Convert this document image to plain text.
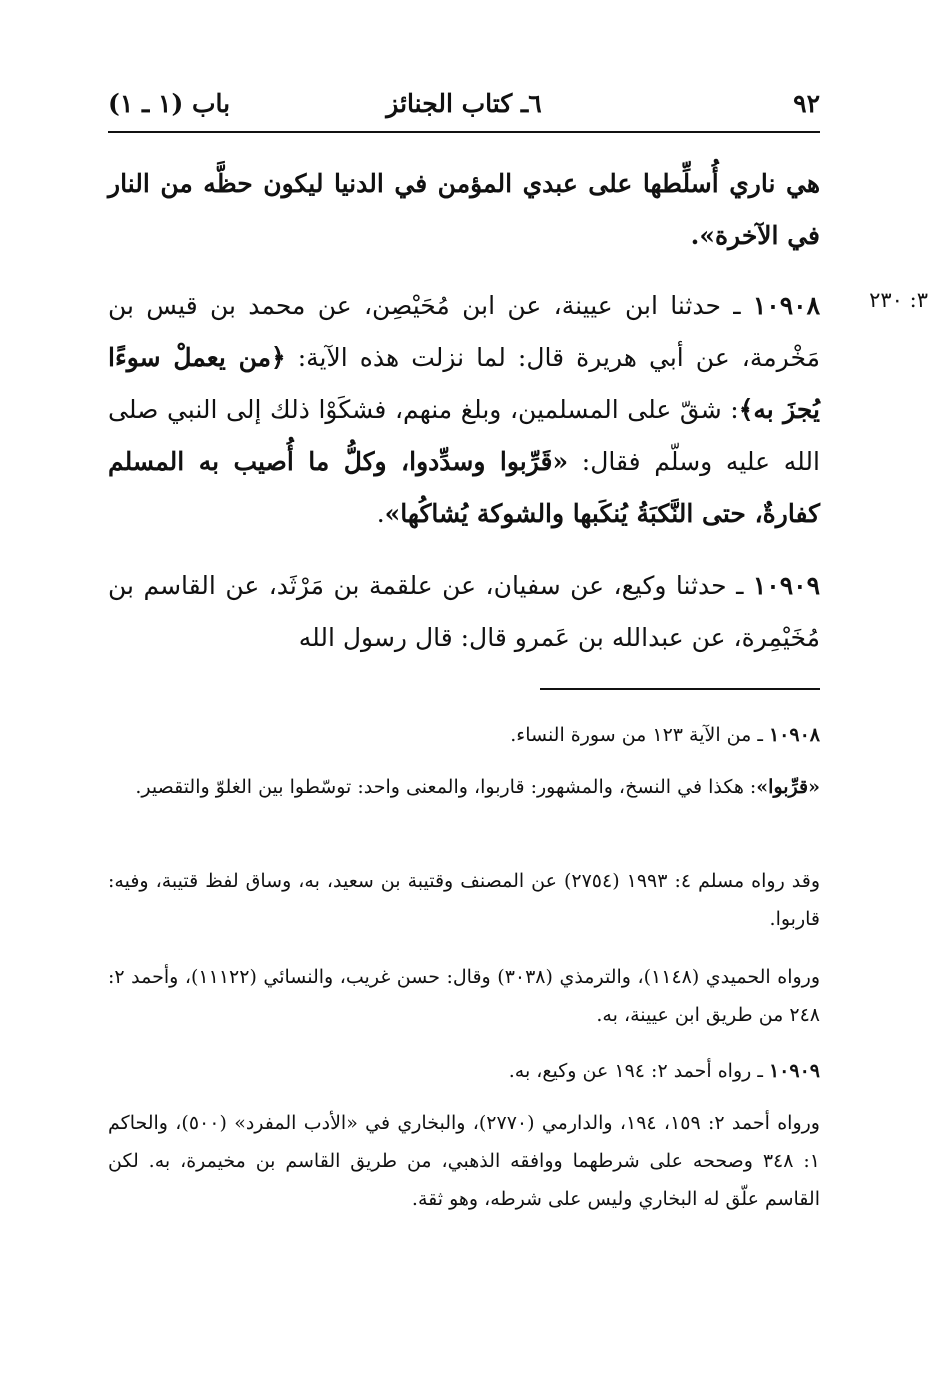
باب (١ ـ ١)	٦ـ كتاب الجنائز	٩٢
هي ناري أُسلِّطها على عبدي المؤمن في الدنيا ليكون حظَّه من النار في الآخرة».
٣: ٢٣٠
١٠٩٠٨ ـ حدثنا ابن عيينة، عن ابن مُحَيْصِن، عن محمد بن قيس بن مَخْرمة، عن أبي هريرة قال: لما نزلت هذه الآية: ﴿من يعملْ سوءًا يُجزَ به﴾: شقّ على المسلمين، وبلغ منهم، فشكَوْا ذلك إلى النبي صلى الله عليه وسلّم فقال: «قَرِّبوا وسدِّدوا، وكلُّ ما أُصيب به المسلم كفارةٌ، حتى النَّكبَةُ يُنكَبها والشوكة يُشاكُها».
١٠٩٠٩ ـ حدثنا وكيع، عن سفيان، عن علقمة بن مَرْثَد، عن القاسم بن مُخَيْمِرة، عن عبدالله بن عَمرو قال: قال رسول الله
١٠٩٠٨ ـ من الآية ١٢٣ من سورة النساء.
«قرِّبوا»: هكذا في النسخ، والمشهور: قاربوا، والمعنى واحد: توسّطوا بين الغلوّ والتقصير.
وقد رواه مسلم ٤: ١٩٩٣ (٢٧٥٤) عن المصنف وقتيبة بن سعيد، به، وساق لفظ قتيبة، وفيه: قاربوا.
ورواه الحميدي (١١٤٨)، والترمذي (٣٠٣٨) وقال: حسن غريب، والنسائي (١١١٢٢)، وأحمد ٢: ٢٤٨ من طريق ابن عيينة، به.
١٠٩٠٩ ـ رواه أحمد ٢: ١٩٤ عن وكيع، به.
ورواه أحمد ٢: ١٥٩، ١٩٤، والدارمي (٢٧٧٠)، والبخاري في «الأدب المفرد» (٥٠٠)، والحاكم ١: ٣٤٨ وصححه على شرطهما ووافقه الذهبي، من طريق القاسم بن مخيمرة، به. لكن القاسم علّق له البخاري وليس على شرطه، وهو ثقة.
